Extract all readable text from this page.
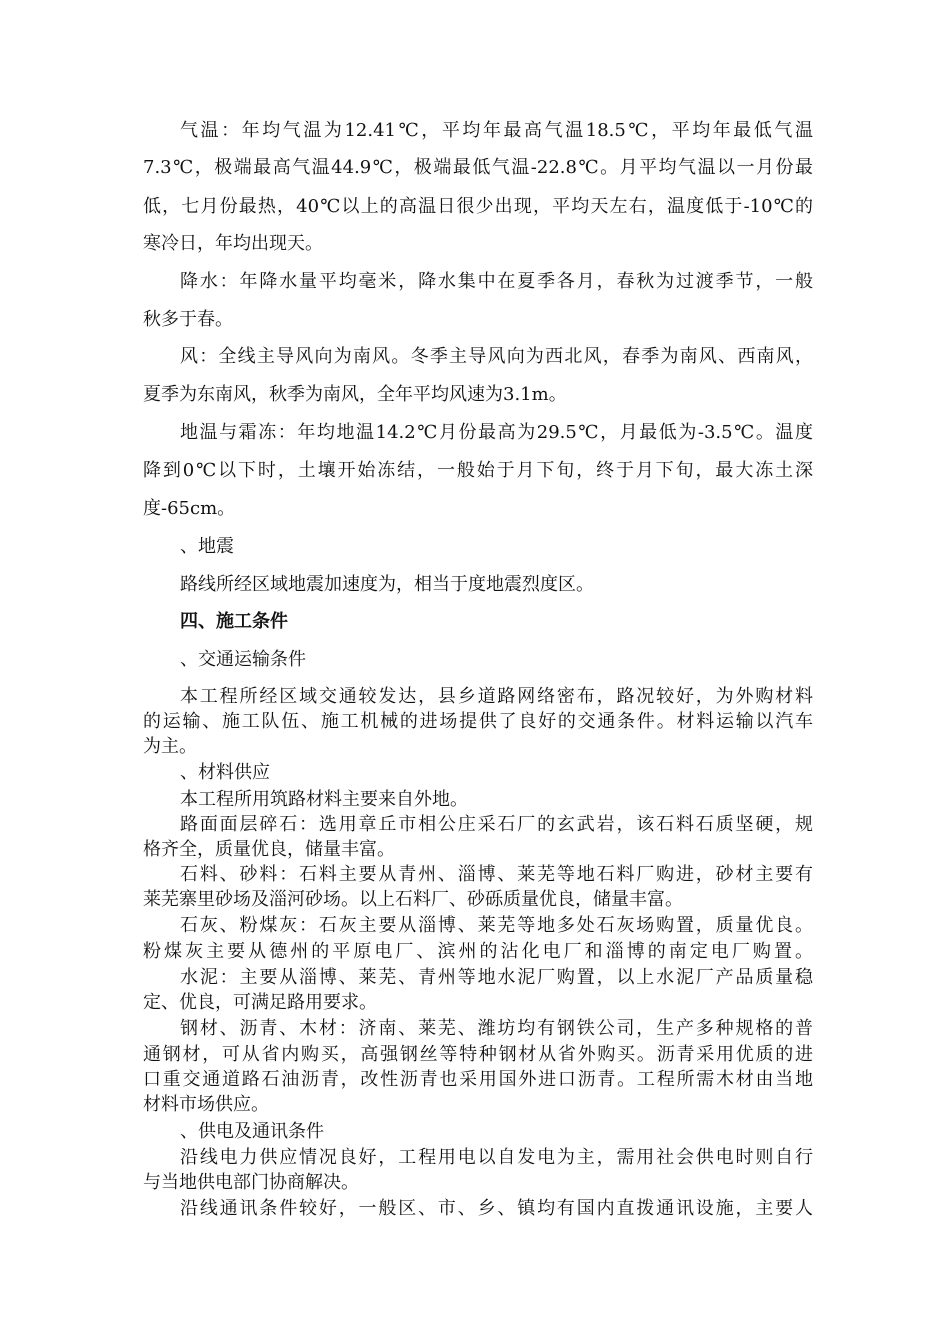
气温：年均气温为12.41℃，平均年最高气温18.5℃，平均年最低气温
7.3℃，极端最高气温44.9℃，极端最低气温-22.8℃。月平均气温以一月份最
低，七月份最热，40℃以上的高温日很少出现，平均天左右，温度低于-10℃的
寒冷日，年均出现天。
降水：年降水量平均毫米，降水集中在夏季各月，春秋为过渡季节，一般
秋多于春。
风：全线主导风向为南风。冬季主导风向为西北风，春季为南风、西南风，
夏季为东南风，秋季为南风，全年平均风速为3.1m。
地温与霜冻：年均地温14.2℃月份最高为29.5℃，月最低为-3.5℃。温度
降到0℃以下时，土壤开始冻结，一般始于月下旬，终于月下旬，最大冻土深
度-65cm。
、地震
路线所经区域地震加速度为，相当于度地震烈度区。
四、施工条件
、交通运输条件
本工程所经区域交通较发达，县乡道路网络密布，路况较好，为外购材料
的运输、施工队伍、施工机械的进场提供了良好的交通条件。材料运输以汽车
为主。
、材料供应
本工程所用筑路材料主要来自外地。
路面面层碎石：选用章丘市相公庄采石厂的玄武岩，该石料石质坚硬，规
格齐全，质量优良，储量丰富。
石料、砂料：石料主要从青州、淄博、莱芜等地石料厂购进，砂材主要有
莱芜寨里砂场及淄河砂场。以上石料厂、砂砾质量优良，储量丰富。
石灰、粉煤灰：石灰主要从淄博、莱芜等地多处石灰场购置，质量优良。
粉煤灰主要从德州的平原电厂、滨州的沾化电厂和淄博的南定电厂购置。
水泥：主要从淄博、莱芜、青州等地水泥厂购置，以上水泥厂产品质量稳
定、优良，可满足路用要求。
钢材、沥青、木材：济南、莱芜、潍坊均有钢铁公司，生产多种规格的普
通钢材，可从省内购买，高强钢丝等特种钢材从省外购买。沥青采用优质的进
口重交通道路石油沥青，改性沥青也采用国外进口沥青。工程所需木材由当地
材料市场供应。
、供电及通讯条件
沿线电力供应情况良好，工程用电以自发电为主，需用社会供电时则自行
与当地供电部门协商解决。
沿线通讯条件较好，一般区、市、乡、镇均有国内直拨通讯设施，主要人
